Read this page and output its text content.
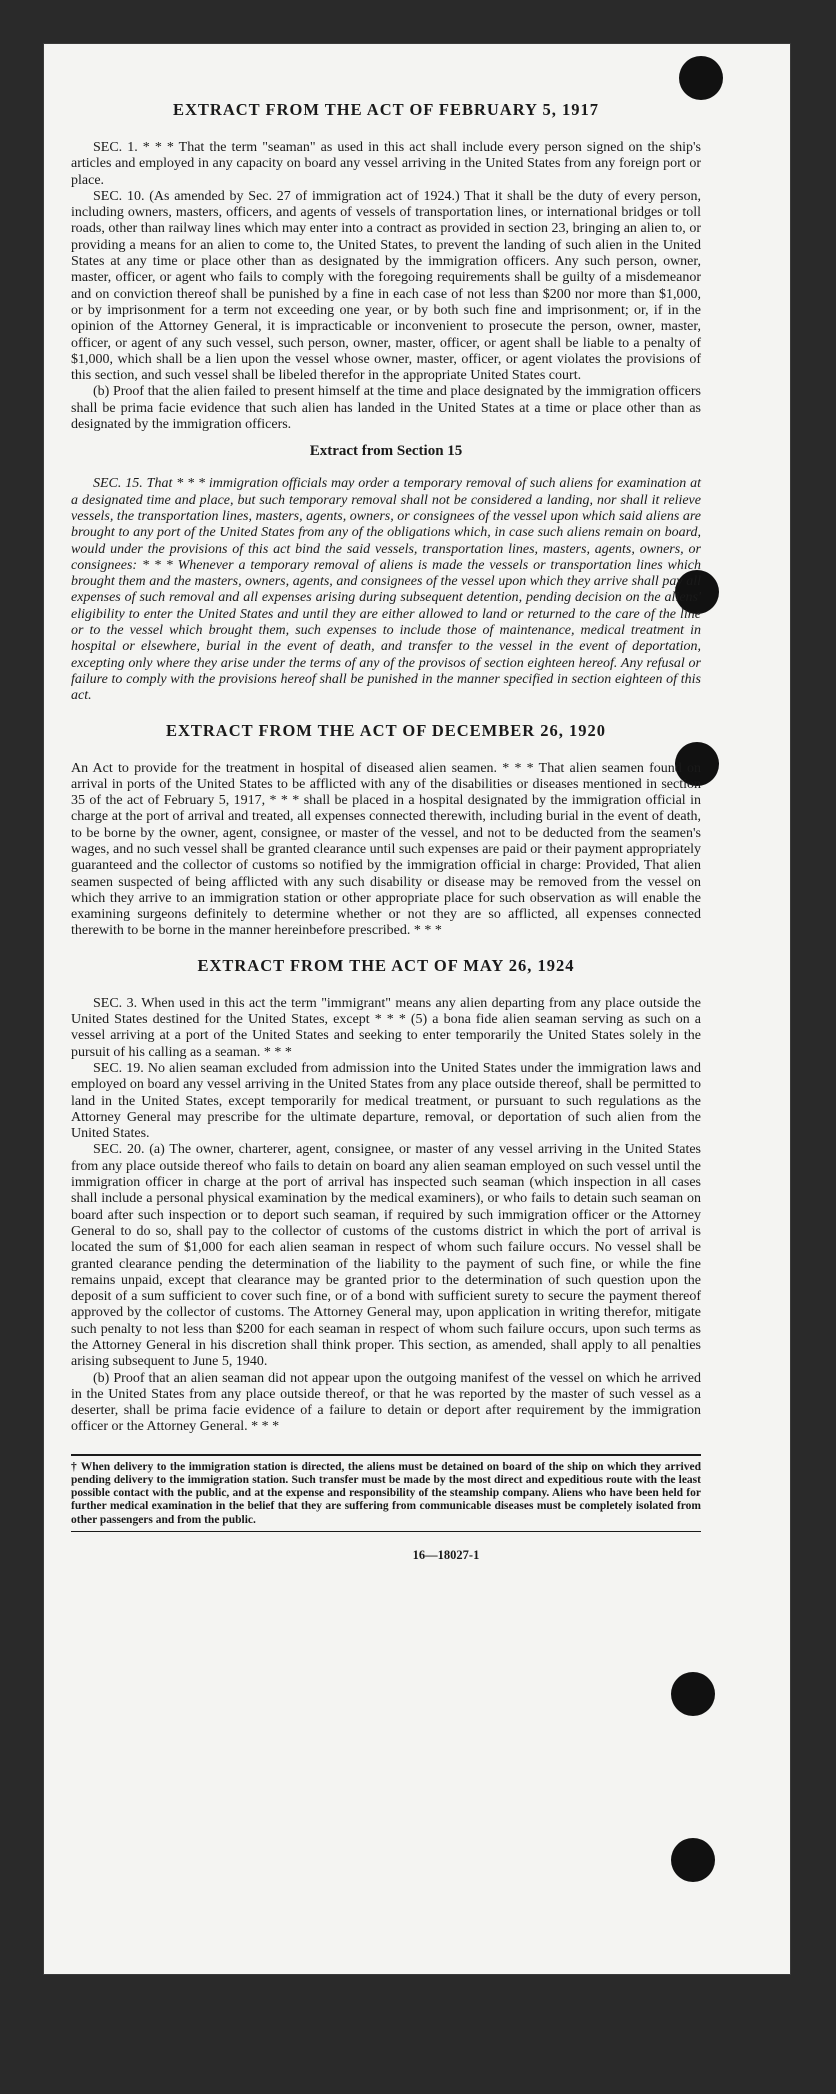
EXTRACT FROM THE ACT OF FEBRUARY 5, 1917

SEC. 1. * * * That the term "seaman" as used in this act shall include every person signed on the ship's articles and employed in any capacity on board any vessel arriving in the United States from any foreign port or place.

SEC. 10. (As amended by Sec. 27 of immigration act of 1924.) That it shall be the duty of every person, including owners, masters, officers, and agents of vessels of transportation lines, or international bridges or toll roads, other than railway lines which may enter into a contract as provided in section 23, bringing an alien to, or providing a means for an alien to come to, the United States, to prevent the landing of such alien in the United States at any time or place other than as designated by the immigration officers. Any such person, owner, master, officer, or agent who fails to comply with the foregoing requirements shall be guilty of a misdemeanor and on conviction thereof shall be punished by a fine in each case of not less than $200 nor more than $1,000, or by imprisonment for a term not exceeding one year, or by both such fine and imprisonment; or, if in the opinion of the Attorney General, it is impracticable or inconvenient to prosecute the person, owner, master, officer, or agent of any such vessel, such person, owner, master, officer, or agent shall be liable to a penalty of $1,000, which shall be a lien upon the vessel whose owner, master, officer, or agent violates the provisions of this section, and such vessel shall be libeled therefor in the appropriate United States court.

(b) Proof that the alien failed to present himself at the time and place designated by the immigration officers shall be prima facie evidence that such alien has landed in the United States at a time or place other than as designated by the immigration officers.

Extract from Section 15

SEC. 15. That * * * immigration officials may order a temporary removal of such aliens for examination at a designated time and place, but such temporary removal shall not be considered a landing, nor shall it relieve vessels, the transportation lines, masters, agents, owners, or consignees of the vessel upon which said aliens are brought to any port of the United States from any of the obligations which, in case such aliens remain on board, would under the provisions of this act bind the said vessels, transportation lines, masters, agents, owners, or consignees: * * * Whenever a temporary removal of aliens is made the vessels or transportation lines which brought them and the masters, owners, agents, and consignees of the vessel upon which they arrive shall pay all expenses of such removal and all expenses arising during subsequent detention, pending decision on the aliens' eligibility to enter the United States and until they are either allowed to land or returned to the care of the line or to the vessel which brought them, such expenses to include those of maintenance, medical treatment in hospital or elsewhere, burial in the event of death, and transfer to the vessel in the event of deportation, excepting only where they arise under the terms of any of the provisos of section eighteen hereof. Any refusal or failure to comply with the provisions hereof shall be punished in the manner specified in section eighteen of this act.

EXTRACT FROM THE ACT OF DECEMBER 26, 1920

An Act to provide for the treatment in hospital of diseased alien seamen. * * * That alien seamen found on arrival in ports of the United States to be afflicted with any of the disabilities or diseases mentioned in section 35 of the act of February 5, 1917, * * * shall be placed in a hospital designated by the immigration official in charge at the port of arrival and treated, all expenses connected therewith, including burial in the event of death, to be borne by the owner, agent, consignee, or master of the vessel, and not to be deducted from the seamen's wages, and no such vessel shall be granted clearance until such expenses are paid or their payment appropriately guaranteed and the collector of customs so notified by the immigration official in charge: Provided, That alien seamen suspected of being afflicted with any such disability or disease may be removed from the vessel on which they arrive to an immigration station or other appropriate place for such observation as will enable the examining surgeons definitely to determine whether or not they are so afflicted, all expenses connected therewith to be borne in the manner hereinbefore prescribed. * * *

EXTRACT FROM THE ACT OF MAY 26, 1924

SEC. 3. When used in this act the term "immigrant" means any alien departing from any place outside the United States destined for the United States, except * * * (5) a bona fide alien seaman serving as such on a vessel arriving at a port of the United States and seeking to enter temporarily the United States solely in the pursuit of his calling as a seaman. * * *

SEC. 19. No alien seaman excluded from admission into the United States under the immigration laws and employed on board any vessel arriving in the United States from any place outside thereof, shall be permitted to land in the United States, except temporarily for medical treatment, or pursuant to such regulations as the Attorney General may prescribe for the ultimate departure, removal, or deportation of such alien from the United States.

SEC. 20. (a) The owner, charterer, agent, consignee, or master of any vessel arriving in the United States from any place outside thereof who fails to detain on board any alien seaman employed on such vessel until the immigration officer in charge at the port of arrival has inspected such seaman (which inspection in all cases shall include a personal physical examination by the medical examiners), or who fails to detain such seaman on board after such inspection or to deport such seaman, if required by such immigration officer or the Attorney General to do so, shall pay to the collector of customs of the customs district in which the port of arrival is located the sum of $1,000 for each alien seaman in respect of whom such failure occurs. No vessel shall be granted clearance pending the determination of the liability to the payment of such fine, or while the fine remains unpaid, except that clearance may be granted prior to the determination of such question upon the deposit of a sum sufficient to cover such fine, or of a bond with sufficient surety to secure the payment thereof approved by the collector of customs. The Attorney General may, upon application in writing therefor, mitigate such penalty to not less than $200 for each seaman in respect of whom such failure occurs, upon such terms as the Attorney General in his discretion shall think proper. This section, as amended, shall apply to all penalties arising subsequent to June 5, 1940.

(b) Proof that an alien seaman did not appear upon the outgoing manifest of the vessel on which he arrived in the United States from any place outside thereof, or that he was reported by the master of such vessel as a deserter, shall be prima facie evidence of a failure to detain or deport after requirement by the immigration officer or the Attorney General. * * *

† When delivery to the immigration station is directed, the aliens must be detained on board of the ship on which they arrived pending delivery to the immigration station. Such transfer must be made by the most direct and expeditious route with the least possible contact with the public, and at the expense and responsibility of the steamship company. Aliens who have been held for further medical examination in the belief that they are suffering from communicable diseases must be completely isolated from other passengers and from the public.
16—18027-1
